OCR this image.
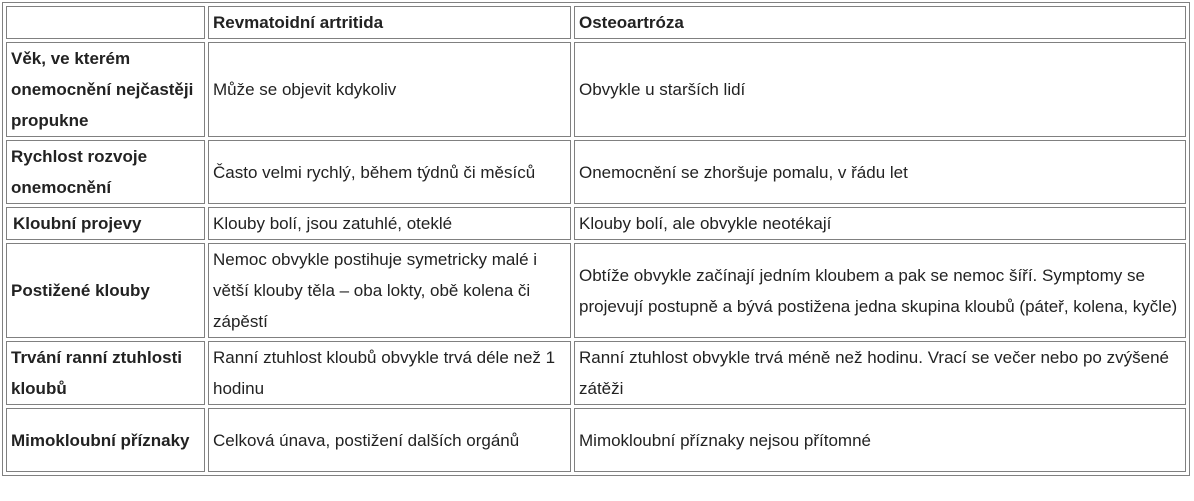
	Revmatoidní artritida	Osteoartróza
Věk, ve kterém onemocnění nejčastěji propukne	Může se objevit kdykoliv	Obvykle u starších lidí
Rychlost rozvoje onemocnění	Často velmi rychlý, během týdnů či měsíců	Onemocnění se zhoršuje pomalu, v řádu let
Kloubní projevy	Klouby bolí, jsou zatuhlé, oteklé	Klouby bolí, ale obvykle neotékají
Postižené klouby	Nemoc obvykle postihuje symetricky malé i větší klouby těla – oba lokty, obě kolena či zápěstí	Obtíže obvykle začínají jedním kloubem a pak se nemoc šíří. Symptomy se projevují postupně a bývá postižena jedna skupina kloubů (páteř, kolena, kyčle)
Trvání ranní ztuhlosti kloubů	Ranní ztuhlost kloubů obvykle trvá déle než 1 hodinu	Ranní ztuhlost obvykle trvá méně než hodinu. Vrací se večer nebo po zvýšené zátěži
Mimokloubní příznaky	Celková únava, postižení dalších orgánů	Mimokloubní příznaky nejsou přítomné
